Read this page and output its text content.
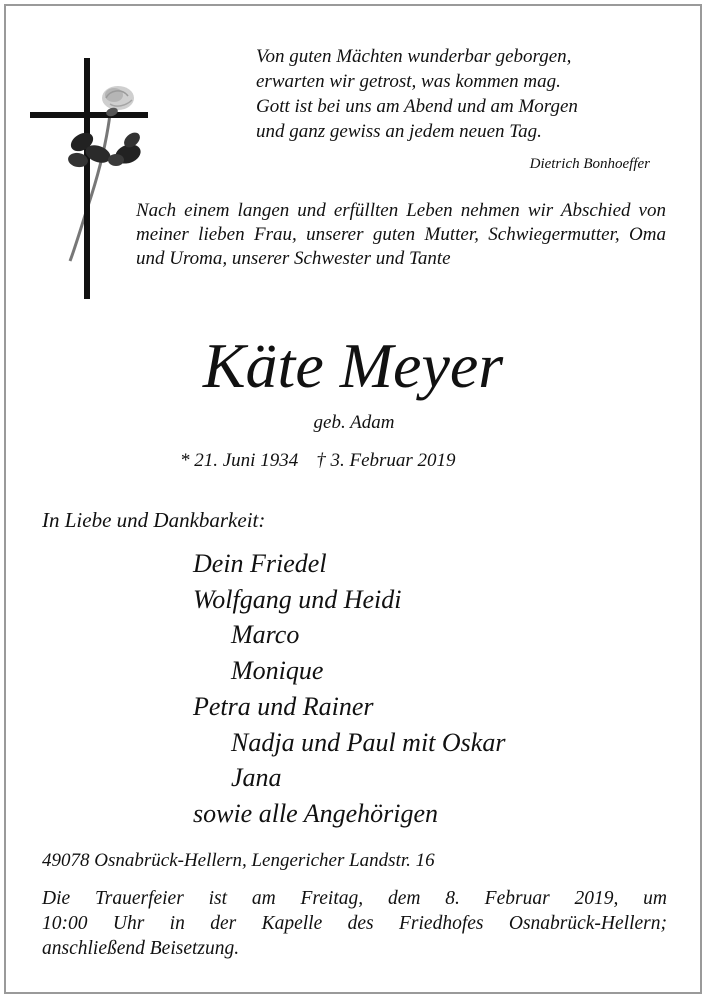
Von guten Mächten wunderbar geborgen,
erwarten wir getrost, was kommen mag.
Gott ist bei uns am Abend und am Morgen
und ganz gewiss an jedem neuen Tag.
Dietrich Bonhoeffer
Nach einem langen und erfüllten Leben nehmen wir Abschied von meiner lieben Frau, unserer guten Mutter, Schwiegermutter, Oma und Uroma, unserer Schwester und Tante
Käte Meyer
geb. Adam
* 21. Juni 1934 † 3. Februar 2019
In Liebe und Dankbarkeit:
Dein Friedel
Wolfgang und Heidi
Marco
Monique
Petra und Rainer
Nadja und Paul mit Oskar
Jana
sowie alle Angehörigen
49078 Osnabrück-Hellern, Lengericher Landstr. 16
Die Trauerfeier ist am Freitag, dem 8. Februar 2019, um
10:00 Uhr in der Kapelle des Friedhofes Osnabrück-Hellern;
anschließend Beisetzung.
